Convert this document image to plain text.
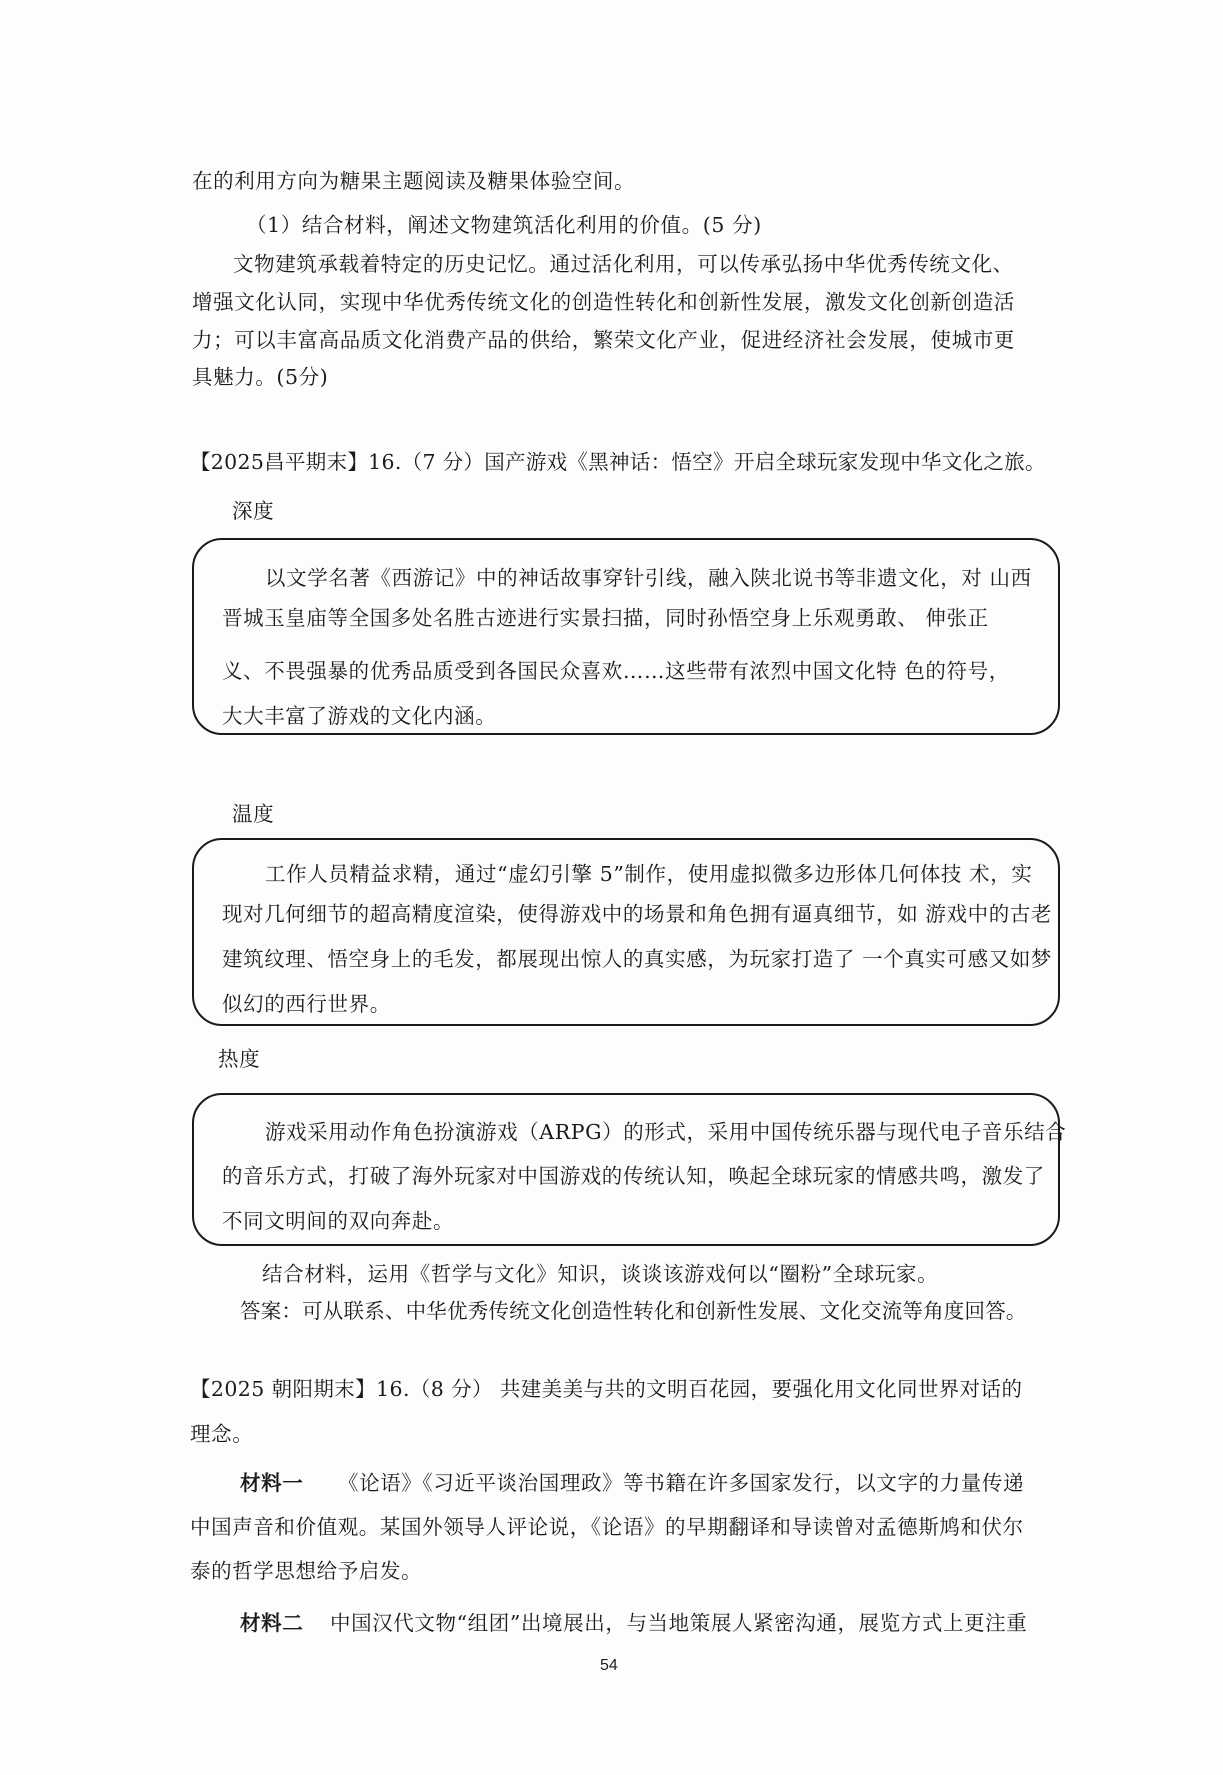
在的利用方向为糖果主题阅读及糖果体验空间。
（1）结合材料，阐述文物建筑活化利用的价值。(5 分)
文物建筑承载着特定的历史记忆。通过活化利用，可以传承弘扬中华优秀传统文化、
增强文化认同，实现中华优秀传统文化的创造性转化和创新性发展，激发文化创新创造活
力；可以丰富高品质文化消费产品的供给，繁荣文化产业，促进经济社会发展，使城市更
具魅力。(5分)
【2025昌平期末】16.（7 分）国产游戏《黑神话：悟空》开启全球玩家发现中华文化之旅。
深度
以文学名著《西游记》中的神话故事穿针引线，融入陕北说书等非遗文化，对 山西
晋城玉皇庙等全国多处名胜古迹进行实景扫描，同时孙悟空身上乐观勇敢、 伸张正
义、不畏强暴的优秀品质受到各国民众喜欢……这些带有浓烈中国文化特 色的符号，
大大丰富了游戏的文化内涵。
温度
工作人员精益求精，通过“虚幻引擎 5”制作，使用虚拟微多边形体几何体技 术，实
现对几何细节的超高精度渲染，使得游戏中的场景和角色拥有逼真细节，如 游戏中的古老
建筑纹理、悟空身上的毛发，都展现出惊人的真实感，为玩家打造了 一个真实可感又如梦
似幻的西行世界。
热度
游戏采用动作角色扮演游戏（ARPG）的形式，采用中国传统乐器与现代电子音乐结合
的音乐方式，打破了海外玩家对中国游戏的传统认知，唤起全球玩家的情感共鸣，激发了
不同文明间的双向奔赴。
结合材料，运用《哲学与文化》知识，谈谈该游戏何以“圈粉”全球玩家。
答案：可从联系、中华优秀传统文化创造性转化和创新性发展、文化交流等角度回答。
【2025 朝阳期末】16.（8 分） 共建美美与共的文明百花园，要强化用文化同世界对话的
理念。
材料一 《论语》《习近平谈治国理政》等书籍在许多国家发行，以文字的力量传递
中国声音和价值观。某国外领导人评论说，《论语》的早期翻译和导读曾对孟德斯鸠和伏尔
泰的哲学思想给予启发。
材料二 中国汉代文物“组团”出境展出，与当地策展人紧密沟通，展览方式上更注重
54
